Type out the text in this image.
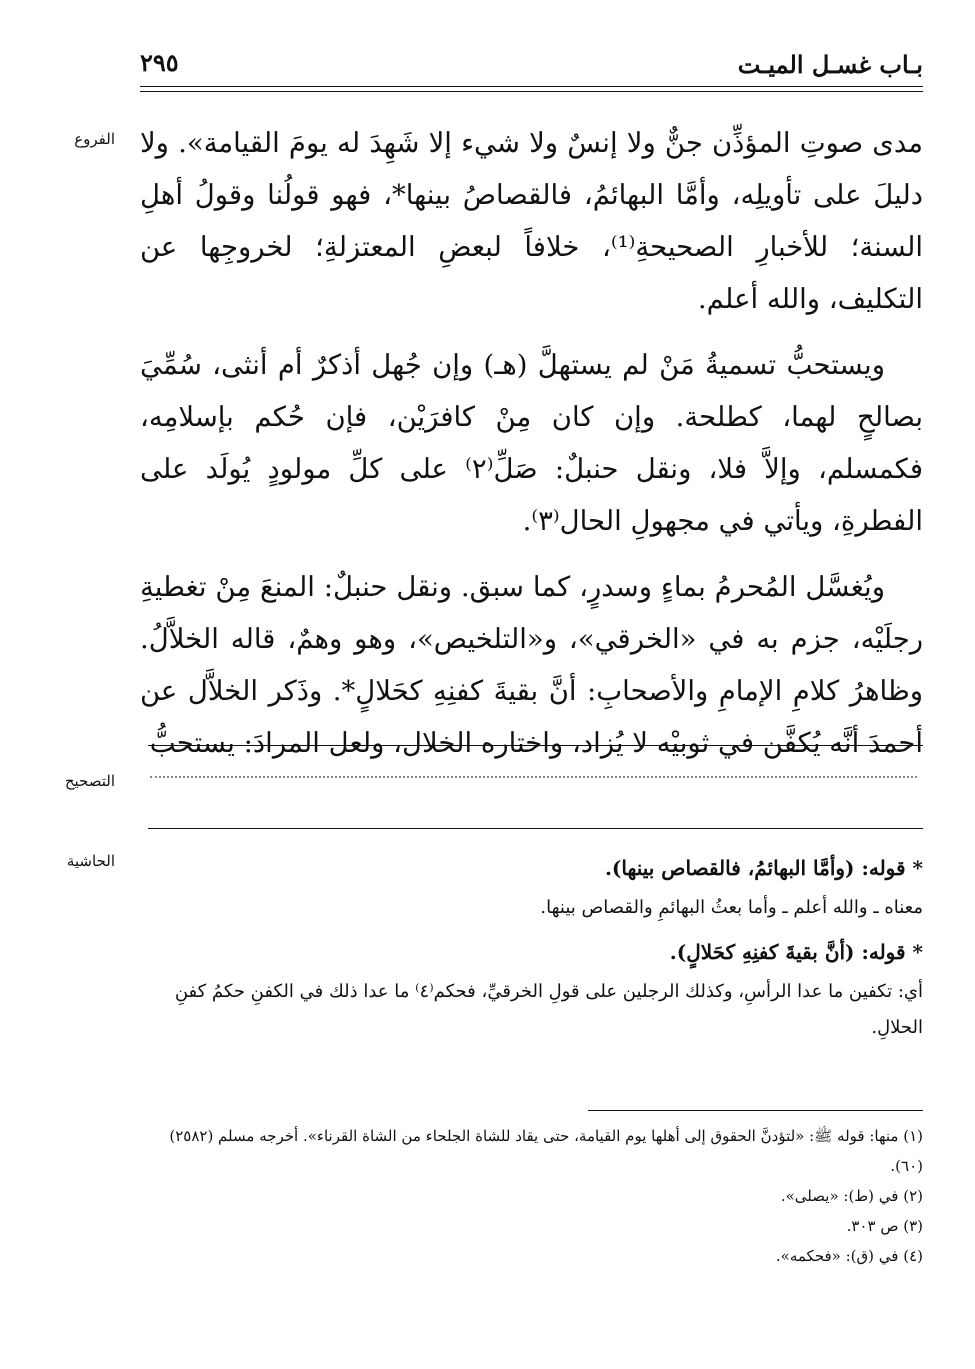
بـاب غسـل الميـت
٢٩٥
الفروع
التصحيح
الحاشية

مدى صوتِ المؤذِّن جنٌّ ولا إنسٌ ولا شيء إلا شَهِدَ له يومَ القيامة». ولا دليلَ على تأويلِه، وأمَّا البهائمُ، فالقصاصُ بينها*، فهو قولُنا وقولُ أهلِ السنة؛ للأخبارِ الصحيحةِ⁽¹⁾، خلافاً لبعضِ المعتزلةِ؛ لخروجِها عن التكليف، والله أعلم.

ويستحبُّ تسميةُ مَنْ لم يستهلَّ (هـ) وإن جُهل أذكرٌ أم أنثى، سُمِّيَ بصالحٍ لهما، كطلحة. وإن كان مِنْ كافرَيْن، فإن حُكم بإسلامِه، فكمسلم، وإلاَّ فلا، ونقل حنبلٌ: صَلِّ⁽٢⁾ على كلِّ مولودٍ يُولَد على الفطرةِ، ويأتي في مجهولِ الحال⁽٣⁾.

ويُغسَّل المُحرمُ بماءٍ وسدرٍ، كما سبق. ونقل حنبلٌ: المنعَ مِنْ تغطيةِ رجلَيْه، جزم به في «الخرقي»، و«التلخيص»، وهو وهمٌ، قاله الخلاَّلُ. وظاهرُ كلامِ الإمامِ والأصحابِ: أنَّ بقيةَ كفنِهِ كحَلالٍ*. وذَكر الخلاَّل عن أحمدَ أنَّه يُكفَّن في ثوبيْه لا يُزاد، واختاره الخلال، ولعل المرادَ: يستحبُّ

* قوله: (وأمَّا البهائمُ، فالقصاص بينها).

معناه ـ والله أعلم ـ وأما بعثُ البهائمِ والقصاص بينها.

* قوله: (أنَّ بقيةَ كفنِهِ كحَلالٍ).

أي: تكفين ما عدا الرأسِ، وكذلك الرجلين على قولِ الخرقيِّ، فحكم⁽٤⁾ ما عدا ذلك في الكفنِ حكمُ كفنِ الحلالِ.

(١) منها: قوله ﷺ: «لتؤدنَّ الحقوق إلى أهلها يوم القيامة، حتى يقاد للشاة الجلحاء من الشاة القرناء». أخرجه مسلم (٢٥٨٢)(٦٠).

(٢) في (ط): «يصلى».

(٣) ص ٣٠٣.

(٤) في (ق): «فحكمه».
